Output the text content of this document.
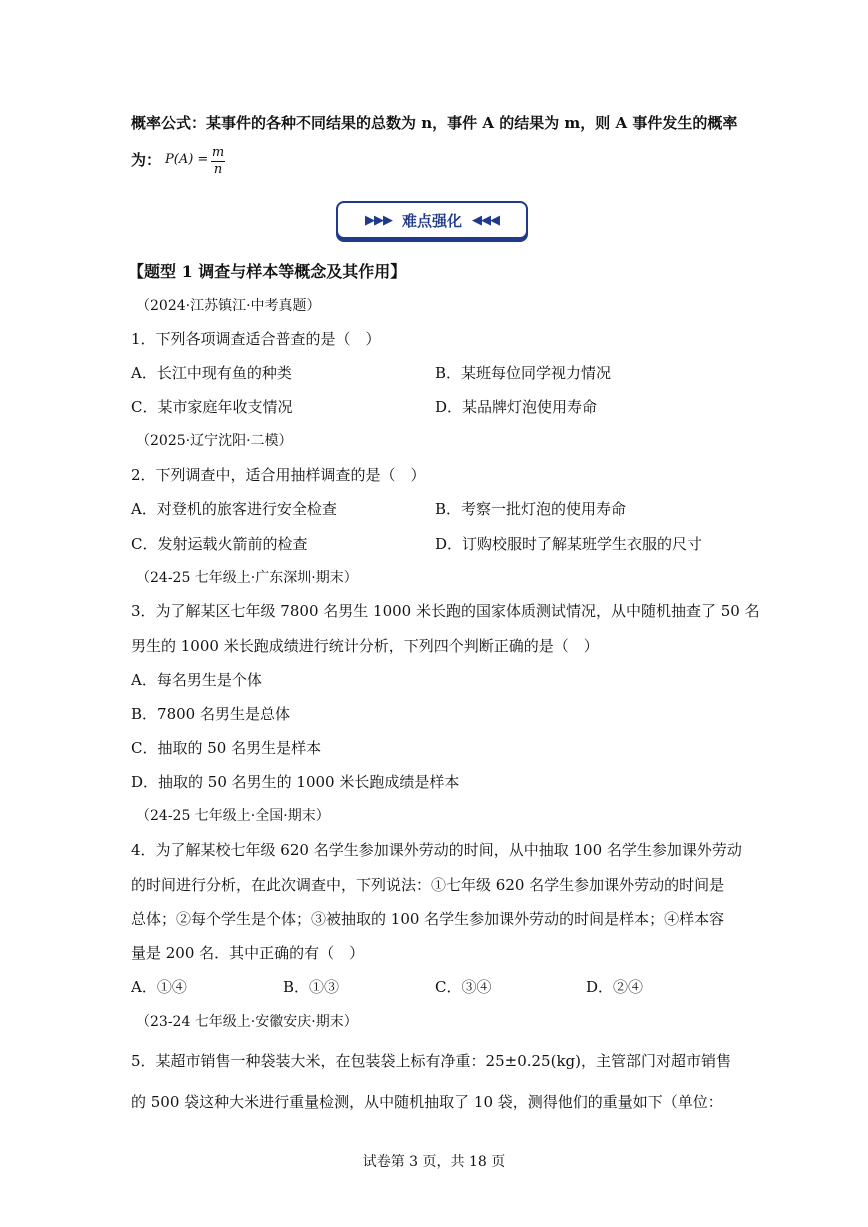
概率公式：某事件的各种不同结果的总数为 n，事件 A 的结果为 m，则 A 事件发生的概率
为： P(A) = m
n
▶▶▶ 难点强化 ◀◀◀
【题型 1 调查与样本等概念及其作用】
（2024·江苏镇江·中考真题）
1．下列各项调查适合普查的是（　）
A．长江中现有鱼的种类	B．某班每位同学视力情况
C．某市家庭年收支情况	D．某品牌灯泡使用寿命
（2025·辽宁沈阳·二模）
2．下列调查中，适合用抽样调查的是（　）
A．对登机的旅客进行安全检查	B．考察一批灯泡的使用寿命
C．发射运载火箭前的检查	D．订购校服时了解某班学生衣服的尺寸
（24-25 七年级上·广东深圳·期末）
3．为了解某区七年级 7800 名男生 1000 米长跑的国家体质测试情况，从中随机抽查了 50 名
男生的 1000 米长跑成绩进行统计分析，下列四个判断正确的是（　）
A．每名男生是个体
B．7800 名男生是总体
C．抽取的 50 名男生是样本
D．抽取的 50 名男生的 1000 米长跑成绩是样本
（24-25 七年级上·全国·期末）
4．为了解某校七年级 620 名学生参加课外劳动的时间，从中抽取 100 名学生参加课外劳动
的时间进行分析，在此次调查中，下列说法：①七年级 620 名学生参加课外劳动的时间是
总体；②每个学生是个体；③被抽取的 100 名学生参加课外劳动的时间是样本；④样本容
量是 200 名．其中正确的有（　）
A．①④	B．①③	C．③④	D．②④
（23-24 七年级上·安徽安庆·期末）
5．某超市销售一种袋装大米，在包装袋上标有净重：25±0.25(kg)，主管部门对超市销售
的 500 袋这种大米进行重量检测，从中随机抽取了 10 袋，测得他们的重量如下（单位：
试卷第 3 页，共 18 页
